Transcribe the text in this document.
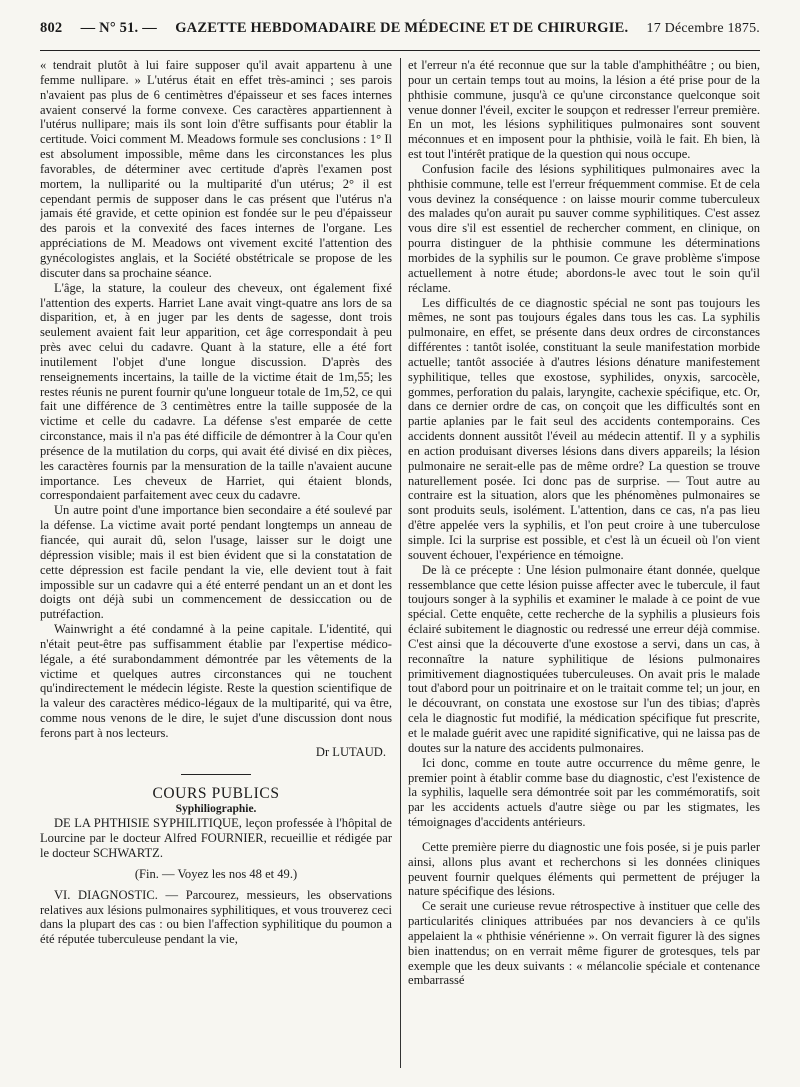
802 — N° 51. — GAZETTE HEBDOMADAIRE DE MÉDECINE ET DE CHIRURGIE. 17 Décembre 1875.

« tendrait plutôt à lui faire supposer qu'il avait appartenu à une femme nullipare. » L'utérus était en effet très-aminci ; ses parois n'avaient pas plus de 6 centimètres d'épaisseur et ses faces internes avaient conservé la forme convexe. Ces caractères appartiennent à l'utérus nullipare; mais ils sont loin d'être suffisants pour établir la certitude. Voici comment M. Meadows formule ses conclusions : 1° Il est absolument impossible, même dans les circonstances les plus favorables, de déterminer avec certitude d'après l'examen post mortem, la nulliparité ou la multiparité d'un utérus; 2° il est cependant permis de supposer dans le cas présent que l'utérus n'a jamais été gravide, et cette opinion est fondée sur le peu d'épaisseur des parois et la convexité des faces internes de l'organe. Les appréciations de M. Meadows ont vivement excité l'attention des gynécologistes anglais, et la Société obstétricale se propose de les discuter dans sa prochaine séance.

L'âge, la stature, la couleur des cheveux, ont également fixé l'attention des experts. Harriet Lane avait vingt-quatre ans lors de sa disparition, et, à en juger par les dents de sagesse, dont trois seulement avaient fait leur apparition, cet âge correspondait à peu près avec celui du cadavre. Quant à la stature, elle a été fort inutilement l'objet d'une longue discussion. D'après des renseignements incertains, la taille de la victime était de 1m,55; les restes réunis ne purent fournir qu'une longueur totale de 1m,52, ce qui fait une différence de 3 centimètres entre la taille supposée de la victime et celle du cadavre. La défense s'est emparée de cette circonstance, mais il n'a pas été difficile de démontrer à la Cour qu'en présence de la mutilation du corps, qui avait été divisé en dix pièces, les caractères fournis par la mensuration de la taille n'avaient aucune importance. Les cheveux de Harriet, qui étaient blonds, correspondaient parfaitement avec ceux du cadavre.

Un autre point d'une importance bien secondaire a été soulevé par la défense. La victime avait porté pendant longtemps un anneau de fiancée, qui aurait dû, selon l'usage, laisser sur le doigt une dépression visible; mais il est bien évident que si la constatation de cette dépression est facile pendant la vie, elle devient tout à fait impossible sur un cadavre qui a été enterré pendant un an et dont les doigts ont déjà subi un commencement de dessiccation ou de putréfaction.

Wainwright a été condamné à la peine capitale. L'identité, qui n'était peut-être pas suffisamment établie par l'expertise médico-légale, a été surabondamment démontrée par les vêtements de la victime et quelques autres circonstances qui ne touchent qu'indirectement le médecin légiste. Reste la question scientifique de la valeur des caractères médico-légaux de la multiparité, qui va être, comme nous venons de le dire, le sujet d'une discussion dont nous ferons part à nos lecteurs.

Dr LUTAUD.

COURS PUBLICS

Syphiliographie.

DE LA PHTHISIE SYPHILITIQUE, leçon professée à l'hôpital de Lourcine par le docteur Alfred FOURNIER, recueillie et rédigée par le docteur SCHWARTZ.

(Fin. — Voyez les nos 48 et 49.)

VI. DIAGNOSTIC. — Parcourez, messieurs, les observations relatives aux lésions pulmonaires syphilitiques, et vous trouverez ceci dans la plupart des cas : ou bien l'affection syphilitique du poumon a été réputée tuberculeuse pendant la vie,

et l'erreur n'a été reconnue que sur la table d'amphithéâtre ; ou bien, pour un certain temps tout au moins, la lésion a été prise pour de la phthisie commune, jusqu'à ce qu'une circonstance quelconque soit venue donner l'éveil, exciter le soupçon et redresser l'erreur première. En un mot, les lésions syphilitiques pulmonaires sont souvent méconnues et en imposent pour la phthisie, voilà le fait. Eh bien, là est tout l'intérêt pratique de la question qui nous occupe.

Confusion facile des lésions syphilitiques pulmonaires avec la phthisie commune, telle est l'erreur fréquemment commise. Et de cela vous devinez la conséquence : on laisse mourir comme tuberculeux des malades qu'on aurait pu sauver comme syphilitiques. C'est assez vous dire s'il est essentiel de rechercher comment, en clinique, on pourra distinguer de la phthisie commune les déterminations morbides de la syphilis sur le poumon. Ce grave problème s'impose actuellement à notre étude; abordons-le avec tout le soin qu'il réclame.

Les difficultés de ce diagnostic spécial ne sont pas toujours les mêmes, ne sont pas toujours égales dans tous les cas. La syphilis pulmonaire, en effet, se présente dans deux ordres de circonstances différentes : tantôt isolée, constituant la seule manifestation morbide actuelle; tantôt associée à d'autres lésions dénature manifestement syphilitique, telles que exostose, syphilides, onyxis, sarcocèle, gommes, perforation du palais, laryngite, cachexie spécifique, etc. Or, dans ce dernier ordre de cas, on conçoit que les difficultés sont en partie aplanies par le fait seul des accidents contemporains. Ces accidents donnent aussitôt l'éveil au médecin attentif. Il y a syphilis en action produisant diverses lésions dans divers appareils; la lésion pulmonaire ne serait-elle pas de même ordre? La question se trouve naturellement posée. Ici donc pas de surprise. — Tout autre au contraire est la situation, alors que les phénomènes pulmonaires se sont produits seuls, isolément. L'attention, dans ce cas, n'a pas lieu d'être appelée vers la syphilis, et l'on peut croire à une tuberculose simple. Ici la surprise est possible, et c'est là un écueil où l'on vient souvent échouer, l'expérience en témoigne.

De là ce précepte : Une lésion pulmonaire étant donnée, quelque ressemblance que cette lésion puisse affecter avec le tubercule, il faut toujours songer à la syphilis et examiner le malade à ce point de vue spécial. Cette enquête, cette recherche de la syphilis a plusieurs fois éclairé subitement le diagnostic ou redressé une erreur déjà commise. C'est ainsi que la découverte d'une exostose a servi, dans un cas, à reconnaître la nature syphilitique de lésions pulmonaires primitivement diagnostiquées tuberculeuses. On avait pris le malade tout d'abord pour un poitrinaire et on le traitait comme tel; un jour, en le découvrant, on constata une exostose sur l'un des tibias; d'après cela le diagnostic fut modifié, la médication spécifique fut prescrite, et le malade guérit avec une rapidité significative, qui ne laissa pas de doutes sur la nature des accidents pulmonaires.

Ici donc, comme en toute autre occurrence du même genre, le premier point à établir comme base du diagnostic, c'est l'existence de la syphilis, laquelle sera démontrée soit par les commémoratifs, soit par les accidents actuels d'autre siège ou par les stigmates, les témoignages d'accidents antérieurs.

Cette première pierre du diagnostic une fois posée, si je puis parler ainsi, allons plus avant et recherchons si les données cliniques peuvent fournir quelques éléments qui permettent de préjuger la nature spécifique des lésions.

Ce serait une curieuse revue rétrospective à instituer que celle des particularités cliniques attribuées par nos devanciers à ce qu'ils appelaient la « phthisie vénérienne ». On verrait figurer là des signes bien inattendus; on en verrait même figurer de grotesques, tels par exemple que les deux suivants : « mélancolie spéciale et contenance embarrassé
